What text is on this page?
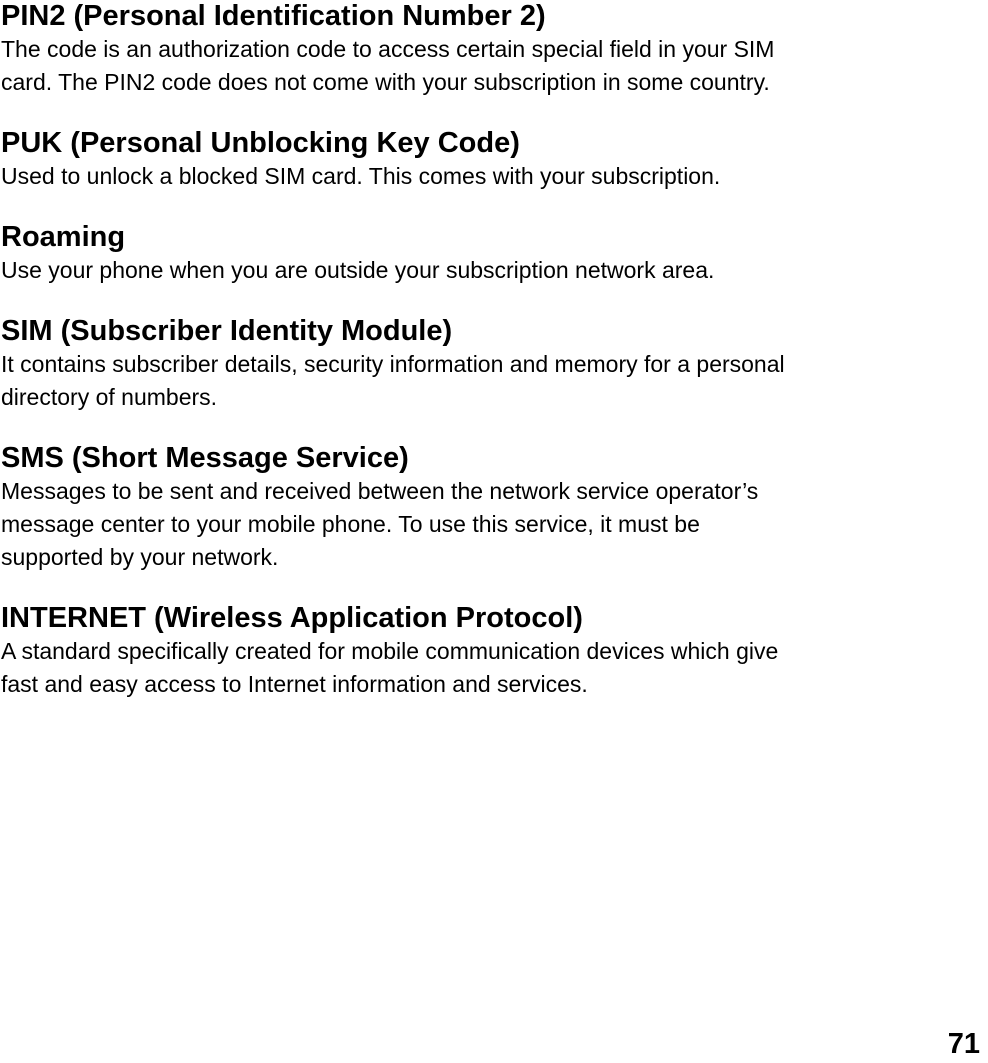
PIN2 (Personal Identification Number 2)
The code is an authorization code to access certain special field in your SIM
card. The PIN2 code does not come with your subscription in some country.
PUK (Personal Unblocking Key Code)
Used to unlock a blocked SIM card. This comes with your subscription.
Roaming
Use your phone when you are outside your subscription network area.
SIM (Subscriber Identity Module)
It contains subscriber details, security information and memory for a personal
directory of numbers.
SMS (Short Message Service)
Messages to be sent and received between the network service operator’s
message center to your mobile phone. To use this service, it must be
supported by your network.
INTERNET (Wireless Application Protocol)
A standard specifically created for mobile communication devices which give
fast and easy access to Internet information and services.
71
